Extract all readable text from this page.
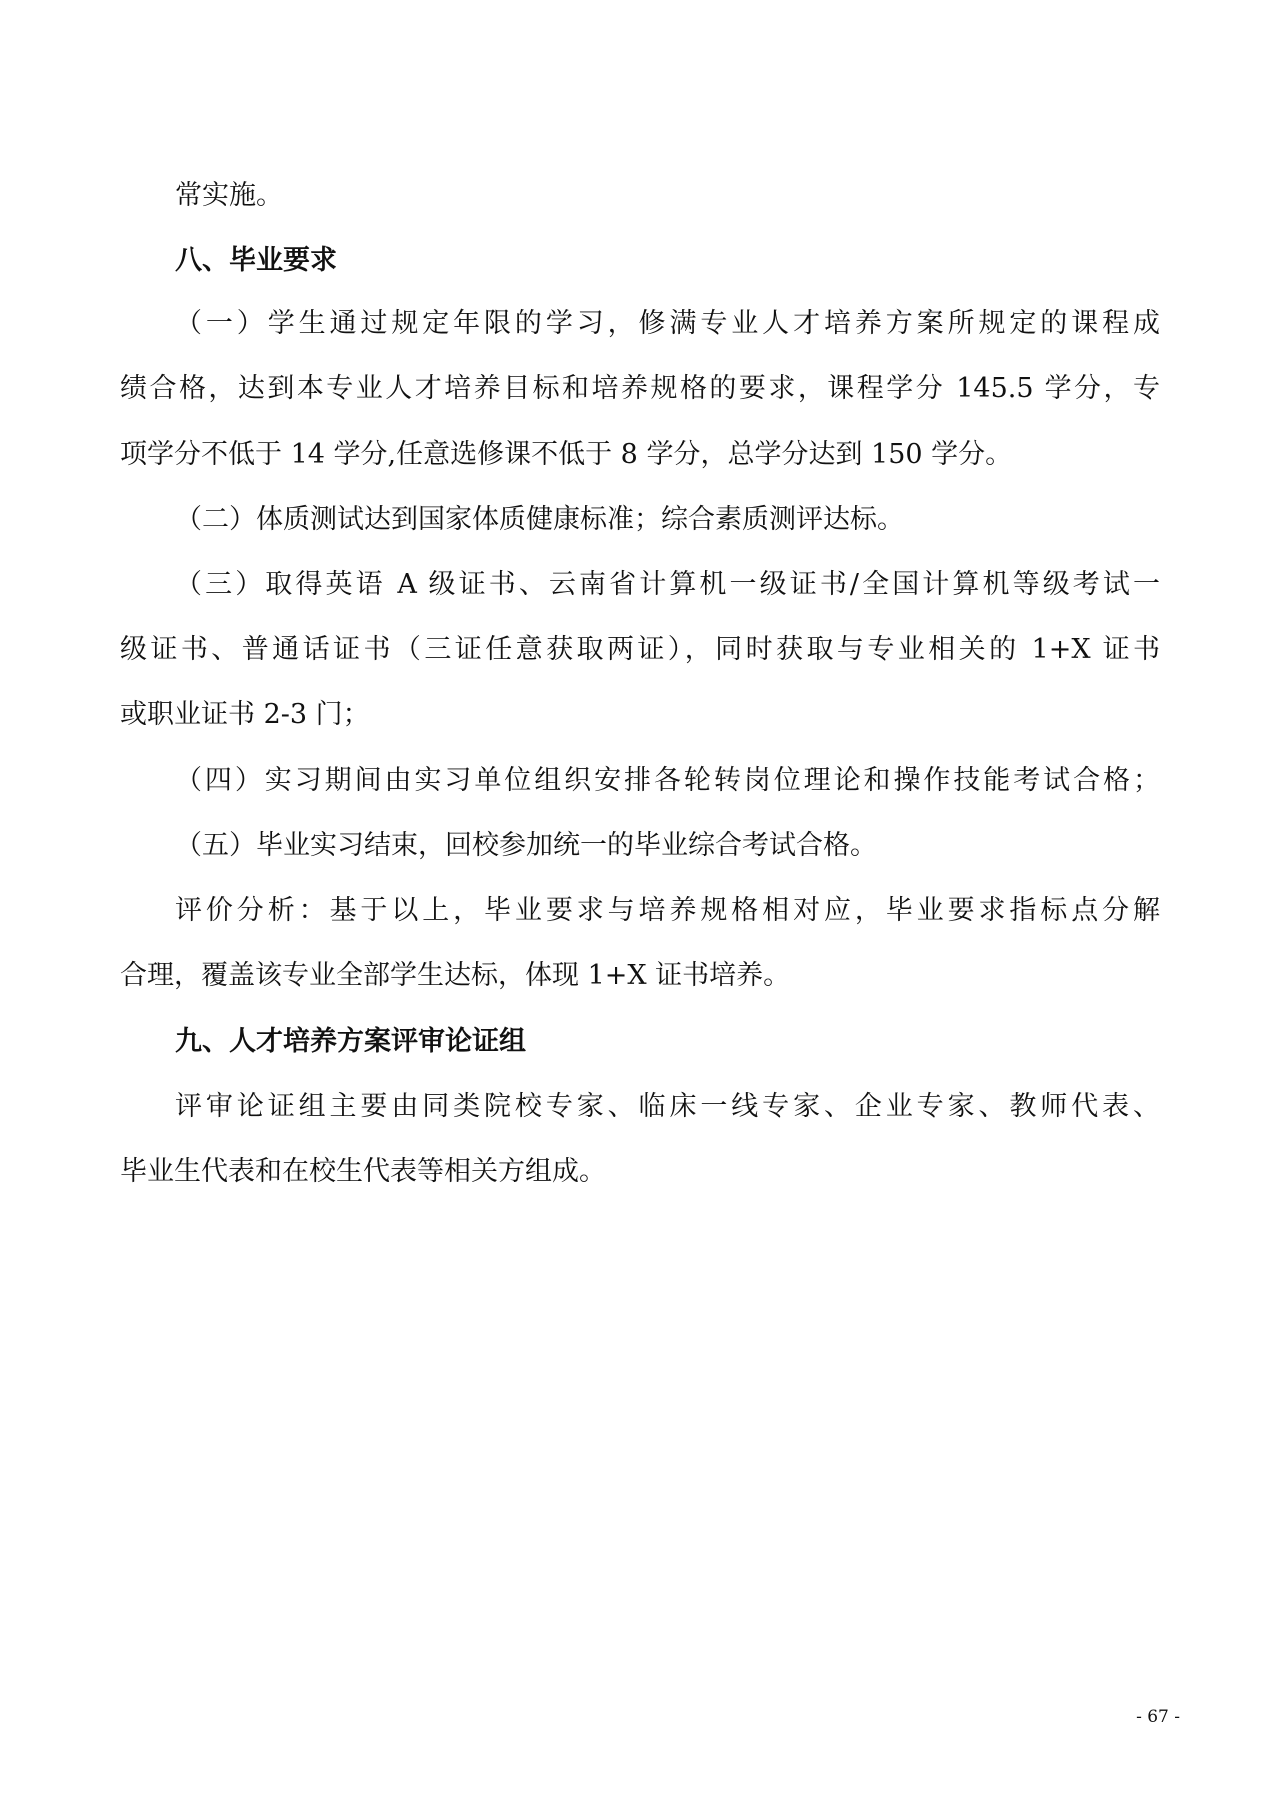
常实施。

八、毕业要求

（一）学生通过规定年限的学习，修满专业人才培养方案所规定的课程成

绩合格，达到本专业人才培养目标和培养规格的要求，课程学分 145.5 学分，专

项学分不低于 14 学分,任意选修课不低于 8 学分，总学分达到 150 学分。

（二）体质测试达到国家体质健康标准；综合素质测评达标。

（三）取得英语 A 级证书、云南省计算机一级证书/全国计算机等级考试一

级证书、普通话证书（三证任意获取两证），同时获取与专业相关的 1+X 证书

或职业证书 2-3 门；

（四）实习期间由实习单位组织安排各轮转岗位理论和操作技能考试合格；

（五）毕业实习结束，回校参加统一的毕业综合考试合格。

评价分析：基于以上，毕业要求与培养规格相对应，毕业要求指标点分解

合理，覆盖该专业全部学生达标，体现 1+X 证书培养。

九、人才培养方案评审论证组

评审论证组主要由同类院校专家、临床一线专家、企业专家、教师代表、

毕业生代表和在校生代表等相关方组成。

- 67 -
